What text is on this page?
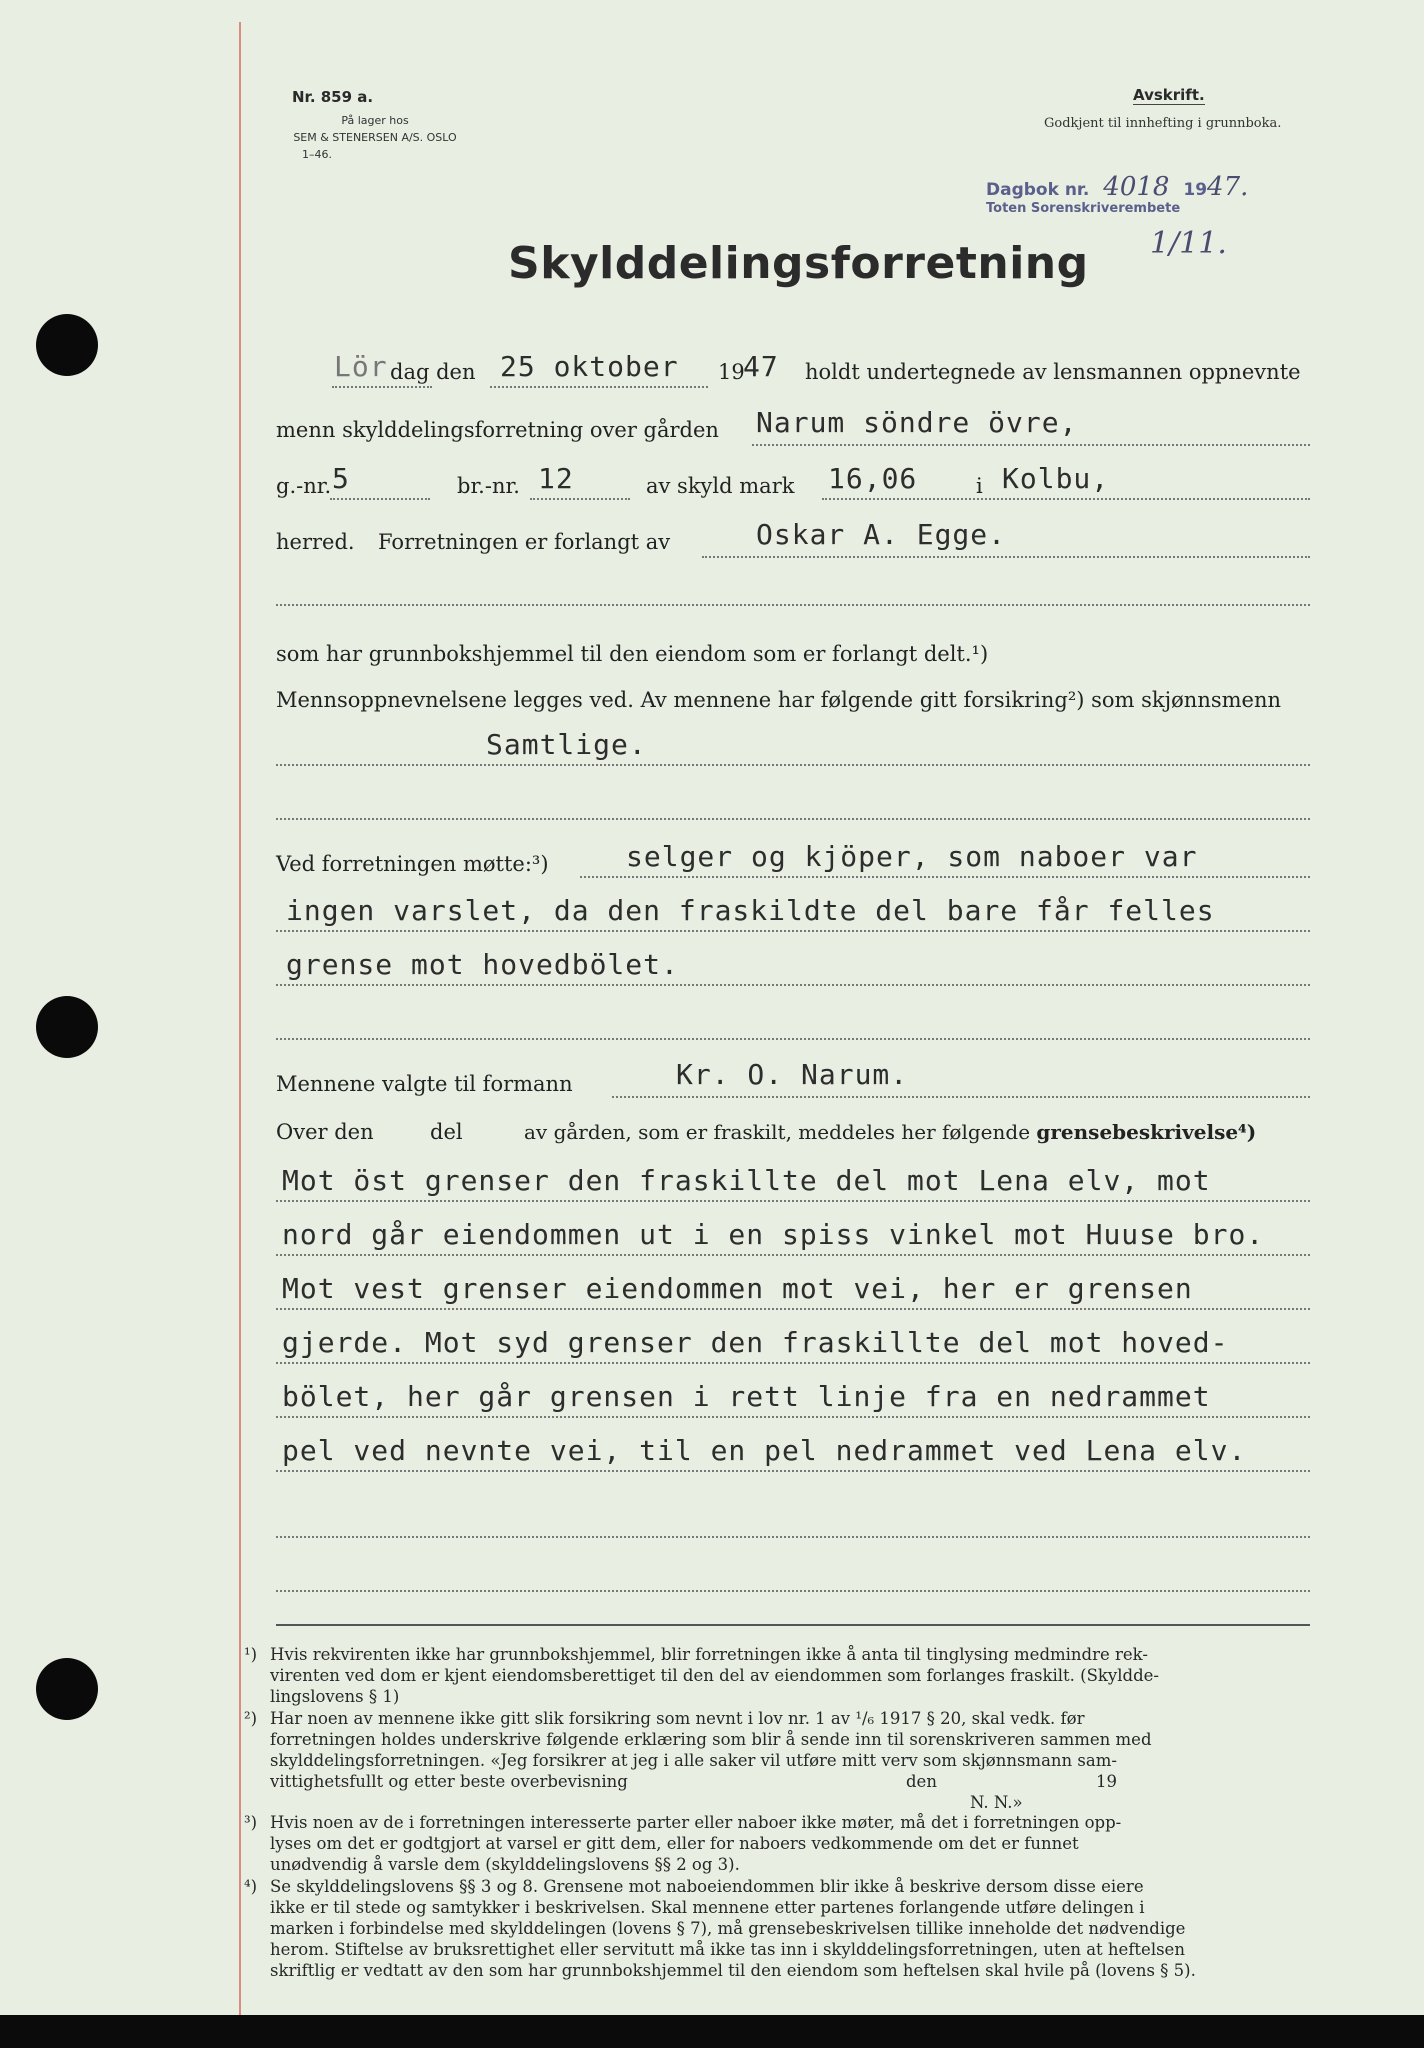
Nr. 859 a.
På lager hos
SEM & STENERSEN A/S. OSLO
1–46.
Avskrift.
Godkjent til innhefting i grunnboka.
Dagbok nr. 4018 1947.
Toten Sorenskriverembete
1/11.
Skylddelingsforretning
Lör dag den 25 oktober 19
47 holdt undertegnede av lensmannen oppnevnte
menn skylddelingsforretning over gården Narum söndre övre,
g.-nr. 5	br.-nr. 12	av skyld mark 16,06	i Kolbu,
herred. Forretningen er forlangt av	Oskar A. Egge.
som har grunnbokshjemmel til den eiendom som er forlangt delt.¹)
Mennsoppnevnelsene legges ved. Av mennene har følgende gitt forsikring²) som skjønnsmenn
Samtlige.
Ved forretningen møtte:³)	selger og kjöper, som naboer var
ingen varslet, da den fraskildte del bare får felles
grense mot hovedbölet.
Mennene valgte til formann	Kr. O. Narum.
Over den	del	av gården, som er fraskilt, meddeles her følgende grensebeskrivelse⁴)
Mot öst grenser den fraskillte del mot Lena elv, mot
nord går eiendommen ut i en spiss vinkel mot Huuse bro.
Mot vest grenser eiendommen mot vei, her er grensen
gjerde. Mot syd grenser den fraskillte del mot hoved-
bölet, her går grensen i rett linje fra en nedrammet
pel ved nevnte vei, til en pel nedrammet ved Lena elv.
¹) Hvis rekvirenten ikke har grunnbokshjemmel, blir forretningen ikke å anta til tinglysing medmindre rek-
virenten ved dom er kjent eiendomsberettiget til den del av eiendommen som forlanges fraskilt. (Skyldde-
lingslovens § 1)
²) Har noen av mennene ikke gitt slik forsikring som nevnt i lov nr. 1 av ¹/₆ 1917 § 20, skal vedk. før
forretningen holdes underskrive følgende erklæring som blir å sende inn til sorenskriveren sammen med
skylddelingsforretningen. «Jeg forsikrer at jeg i alle saker vil utføre mitt verv som skjønnsmann sam-
vittighetsfullt og etter beste overbevisning	den	19
N. N.»
³) Hvis noen av de i forretningen interesserte parter eller naboer ikke møter, må det i forretningen opp-
lyses om det er godtgjort at varsel er gitt dem, eller for naboers vedkommende om det er funnet
unødvendig å varsle dem (skylddelingslovens §§ 2 og 3).
⁴) Se skylddelingslovens §§ 3 og 8. Grensene mot naboeiendommen blir ikke å beskrive dersom disse eiere
ikke er til stede og samtykker i beskrivelsen. Skal mennene etter partenes forlangende utføre delingen i
marken i forbindelse med skylddelingen (lovens § 7), må grensebeskrivelsen tillike inneholde det nødvendige
herom. Stiftelse av bruksrettighet eller servitutt må ikke tas inn i skylddelingsforretningen, uten at heftelsen
skriftlig er vedtatt av den som har grunnbokshjemmel til den eiendom som heftelsen skal hvile på (lovens § 5).
